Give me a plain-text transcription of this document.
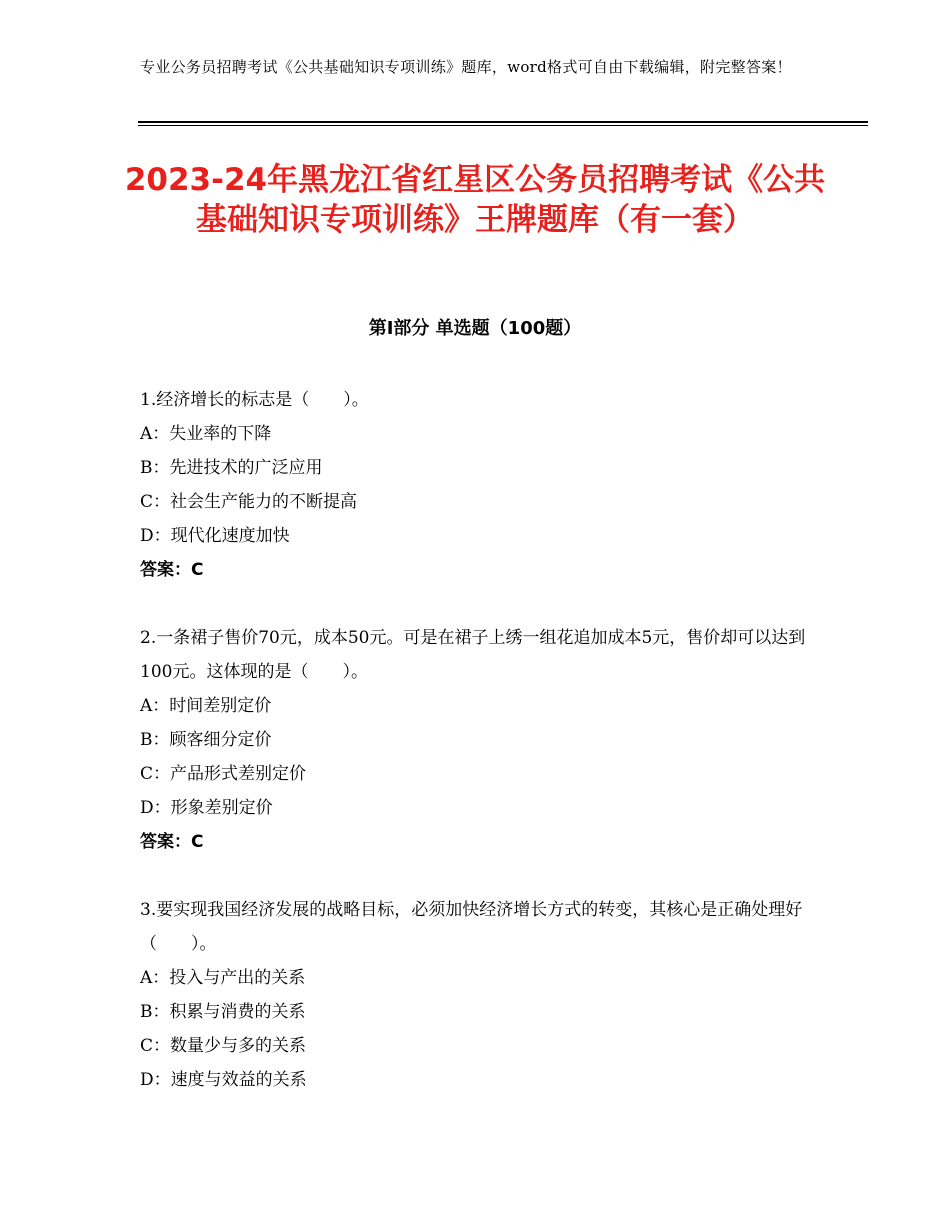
专业公务员招聘考试《公共基础知识专项训练》题库，word格式可自由下载编辑，附完整答案！
2023-24年黑龙江省红星区公务员招聘考试《公共基础知识专项训练》王牌题库（有一套）
第Ⅰ部分 单选题（100题）

1.经济增长的标志是（　　）。

A：失业率的下降

B：先进技术的广泛应用

C：社会生产能力的不断提高

D：现代化速度加快

答案：C

2.一条裙子售价70元，成本50元。可是在裙子上绣一组花追加成本5元，售价却可以达到100元。这体现的是（　　）。

A：时间差别定价

B：顾客细分定价

C：产品形式差别定价

D：形象差别定价

答案：C

3.要实现我国经济发展的战略目标，必须加快经济增长方式的转变，其核心是正确处理好（　　）。

A：投入与产出的关系

B：积累与消费的关系

C：数量少与多的关系

D：速度与效益的关系
